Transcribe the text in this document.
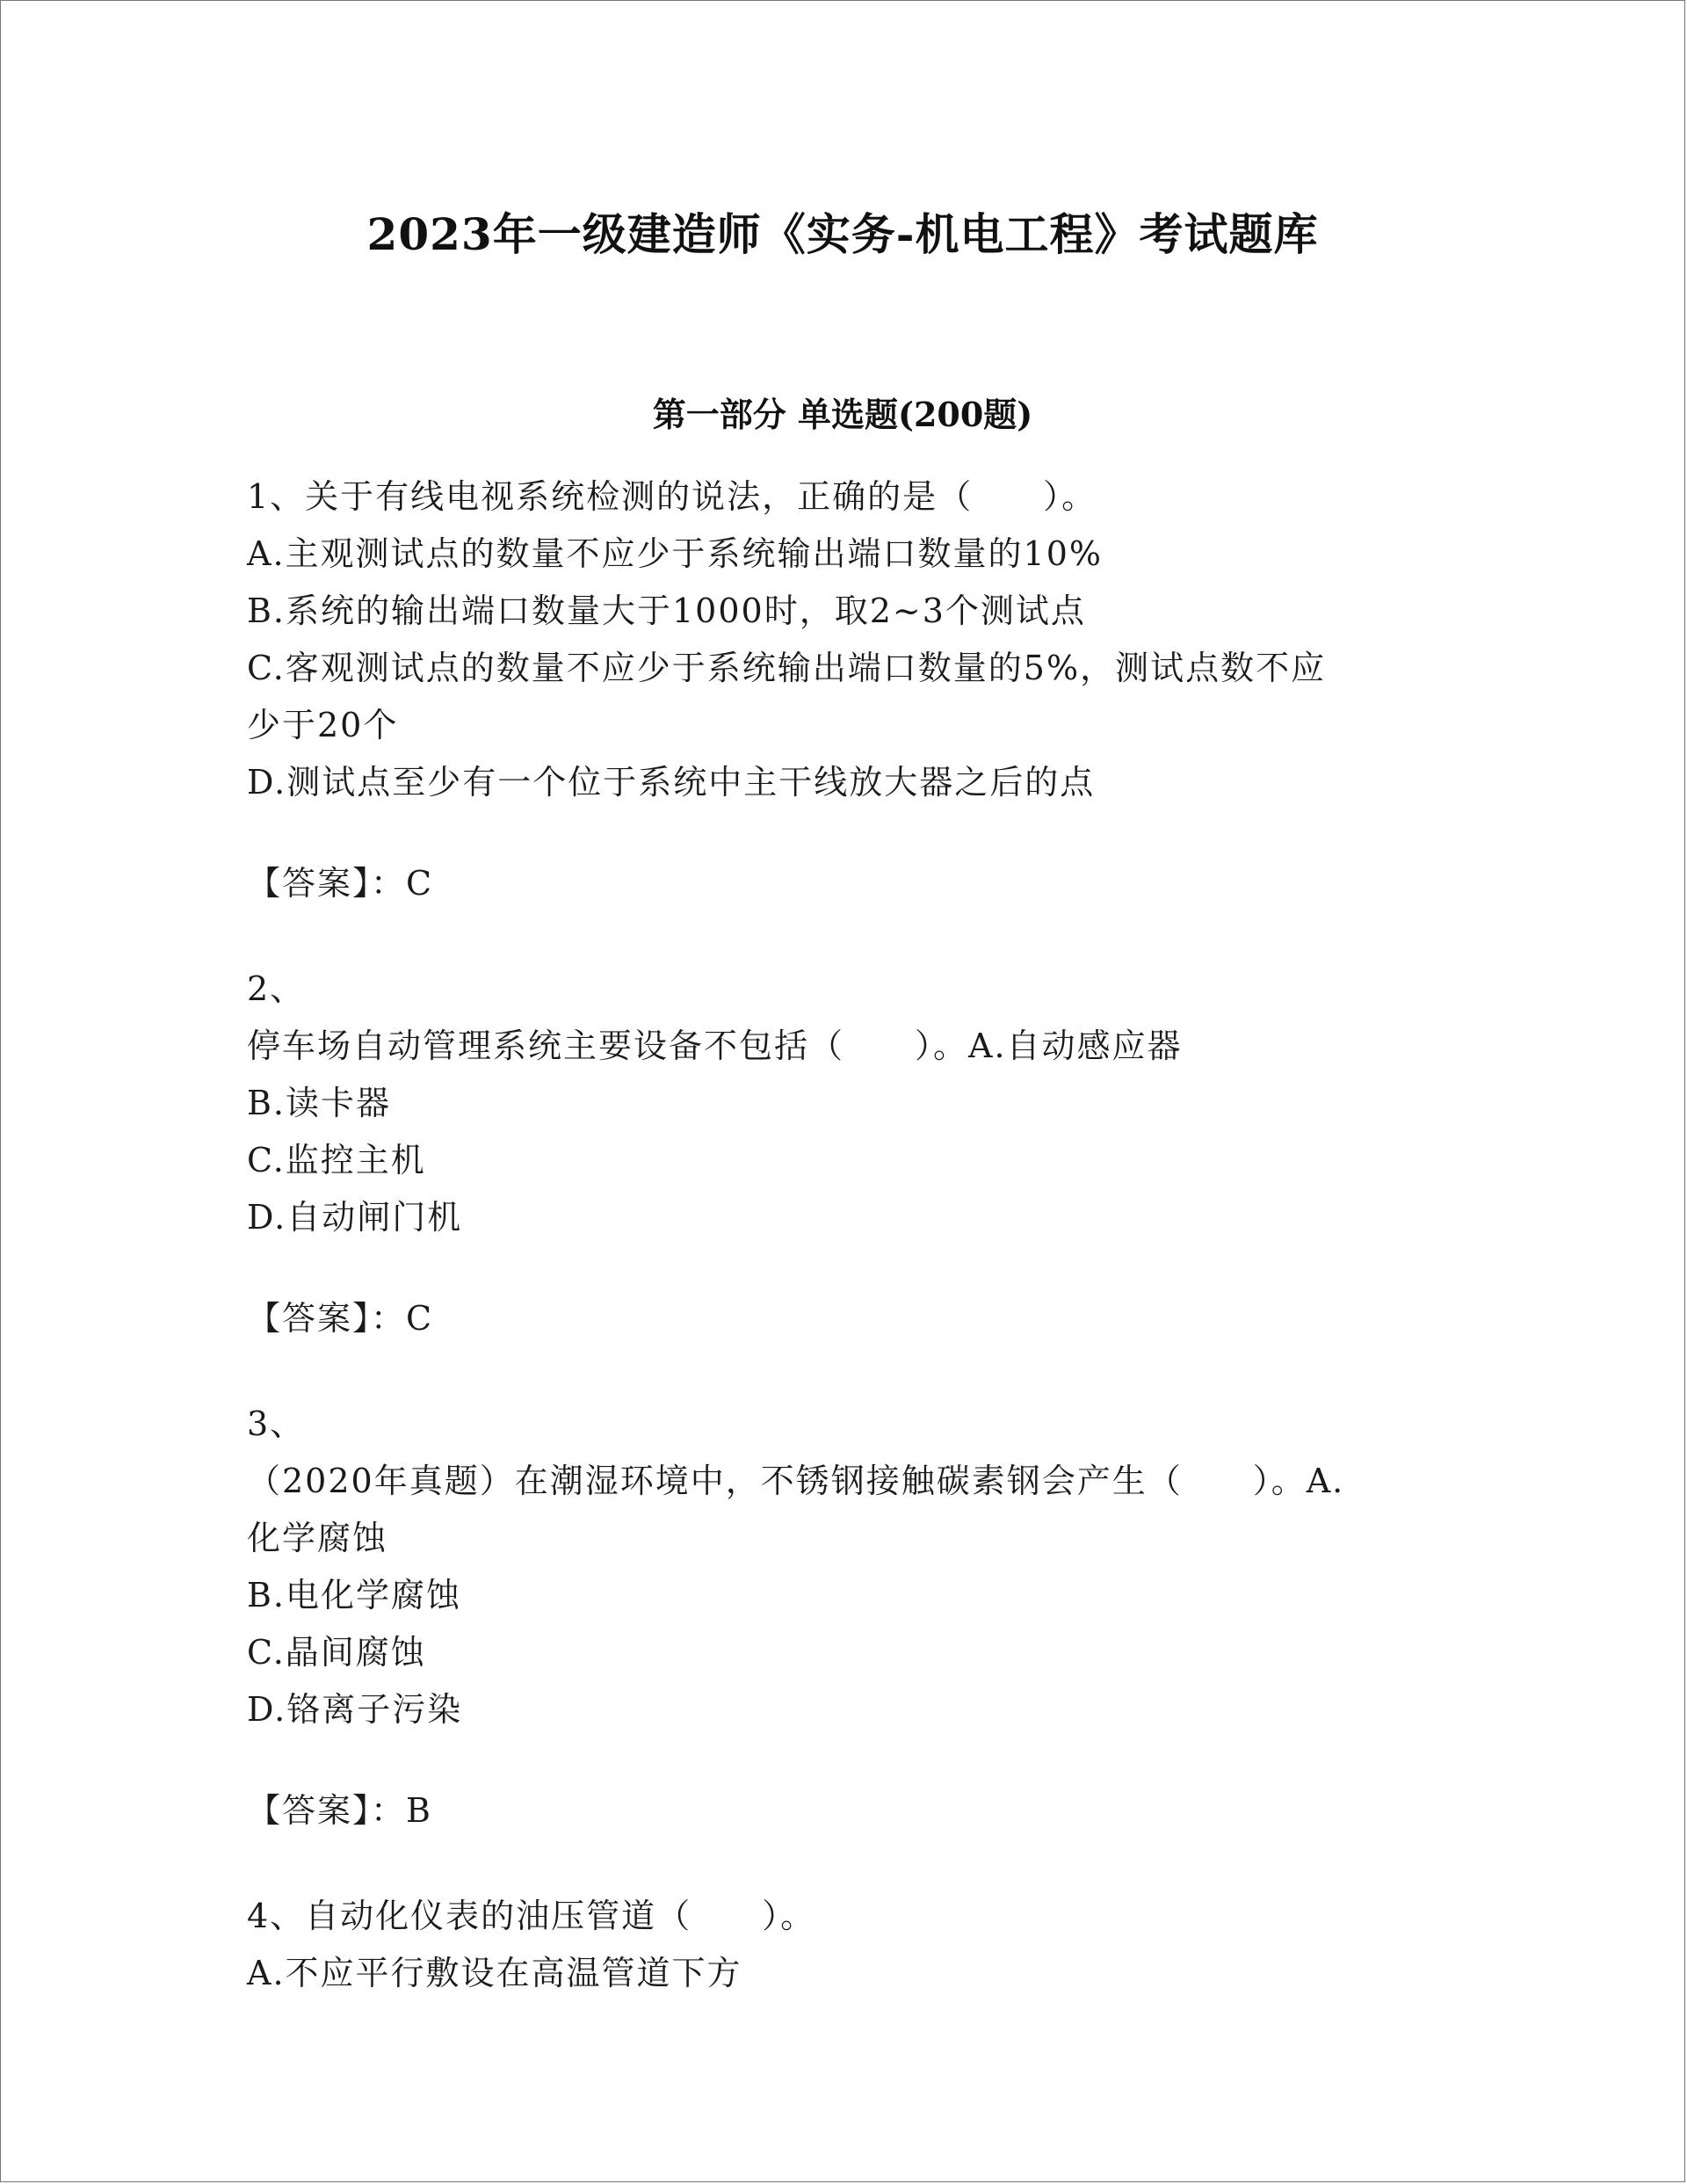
2023年一级建造师《实务-机电工程》考试题库
第一部分 单选题(200题)
1、关于有线电视系统检测的说法，正确的是（　　）。
A.主观测试点的数量不应少于系统输出端口数量的10%
B.系统的输出端口数量大于1000时，取2~3个测试点
C.客观测试点的数量不应少于系统输出端口数量的5%，测试点数不应
少于20个
D.测试点至少有一个位于系统中主干线放大器之后的点
【答案】：C
2、
停车场自动管理系统主要设备不包括（　　）。A.自动感应器
B.读卡器
C.监控主机
D.自动闸门机
【答案】：C
3、
（2020年真题）在潮湿环境中，不锈钢接触碳素钢会产生（　　）。A.
化学腐蚀
B.电化学腐蚀
C.晶间腐蚀
D.铬离子污染
【答案】：B
4、自动化仪表的油压管道（　　）。
A.不应平行敷设在高温管道下方
